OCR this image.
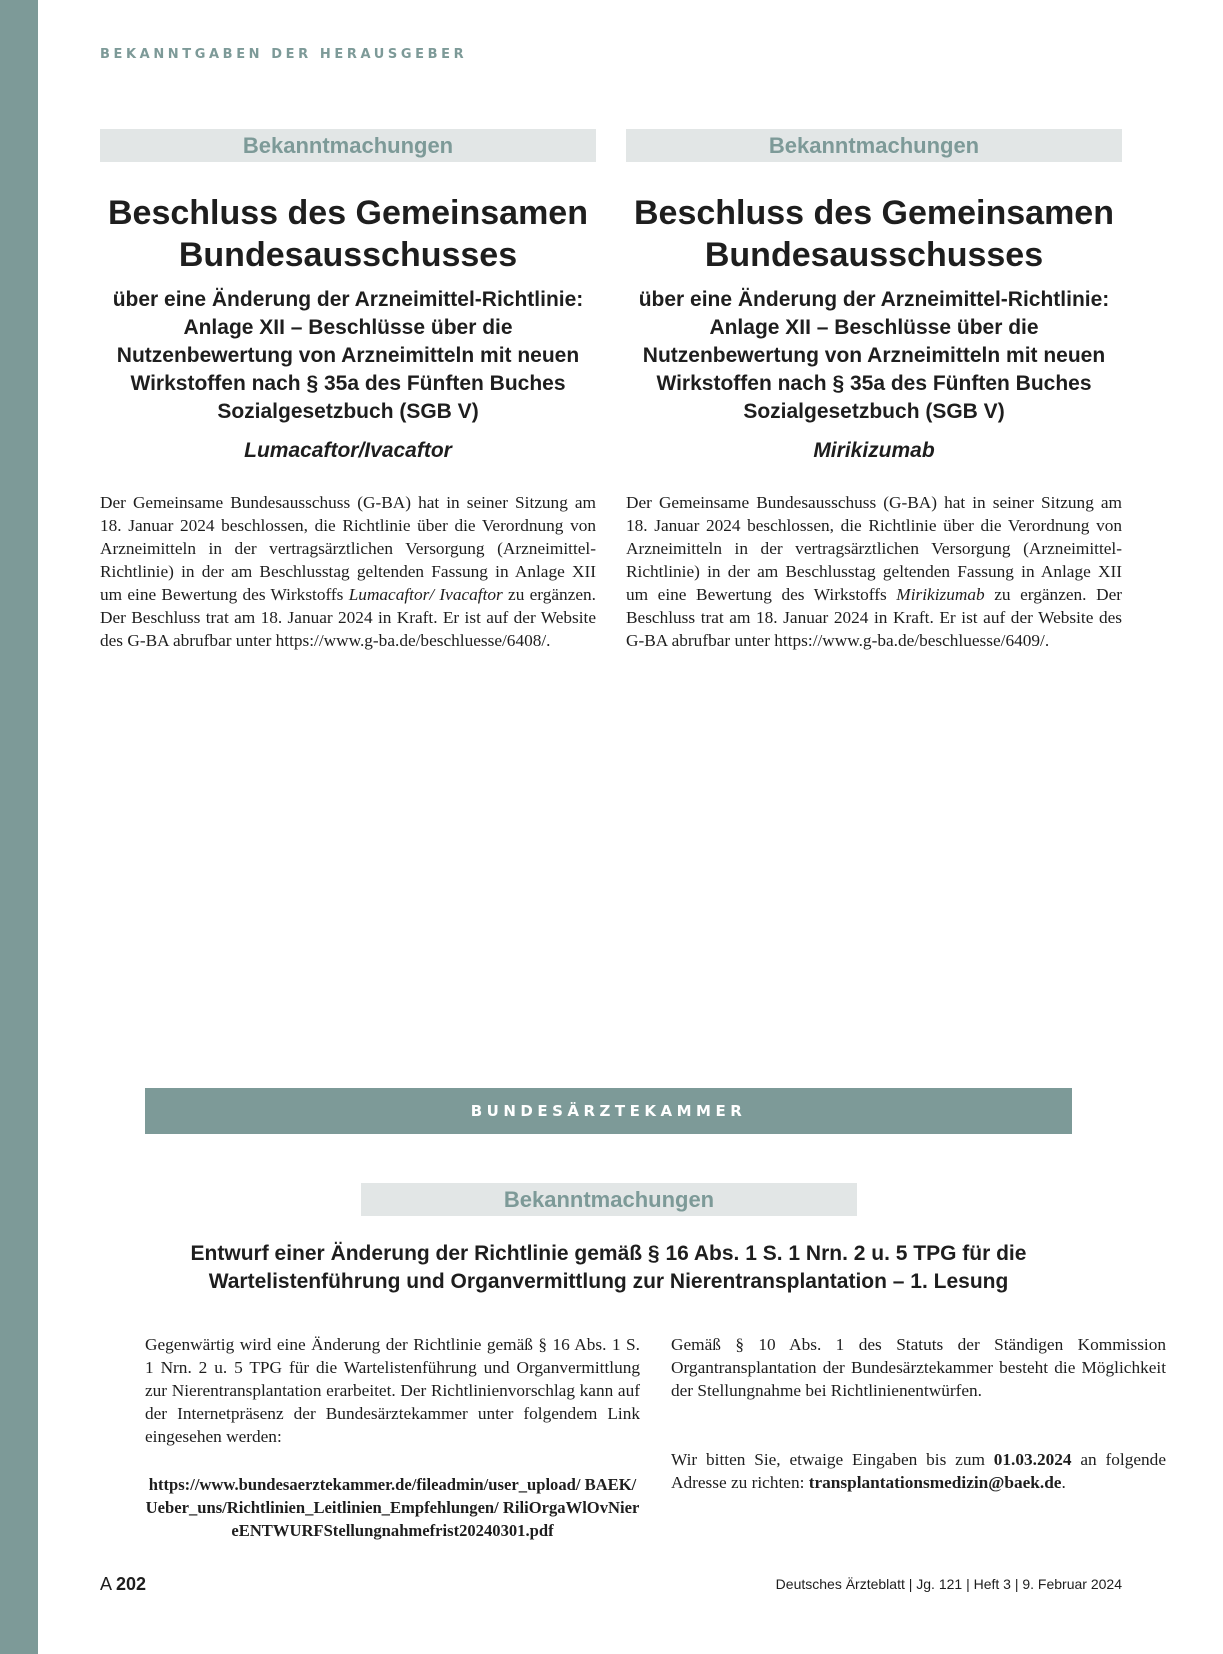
BEKANNTGABEN DER HERAUSGEBER
Bekanntmachungen
Beschluss des Gemeinsamen Bundesausschusses
über eine Änderung der Arzneimittel-Richtlinie: Anlage XII – Beschlüsse über die Nutzenbewertung von Arzneimitteln mit neuen Wirkstoffen nach § 35a des Fünften Buches Sozialgesetzbuch (SGB V)
Lumacaftor/Ivacaftor

Der Gemeinsame Bundesausschuss (G-BA) hat in seiner Sitzung am 18. Januar 2024 beschlossen, die Richtlinie über die Verordnung von Arzneimitteln in der vertragsärztlichen Versorgung (Arzneimittel-Richtlinie) in der am Beschlusstag geltenden Fassung in Anlage XII um eine Bewertung des Wirkstoffs Lumacaftor/ Ivacaftor zu ergänzen. Der Beschluss trat am 18. Januar 2024 in Kraft. Er ist auf der Website des G-BA abrufbar unter https://www.g-ba.de/beschluesse/6408/.

Bekanntmachungen
Beschluss des Gemeinsamen Bundesausschusses
über eine Änderung der Arzneimittel-Richtlinie: Anlage XII – Beschlüsse über die Nutzenbewertung von Arzneimitteln mit neuen Wirkstoffen nach § 35a des Fünften Buches Sozialgesetzbuch (SGB V)
Mirikizumab

Der Gemeinsame Bundesausschuss (G-BA) hat in seiner Sitzung am 18. Januar 2024 beschlossen, die Richtlinie über die Verordnung von Arzneimitteln in der vertragsärztlichen Versorgung (Arzneimittel-Richtlinie) in der am Beschlusstag geltenden Fassung in Anlage XII um eine Bewertung des Wirkstoffs Mirikizumab zu ergänzen. Der Beschluss trat am 18. Januar 2024 in Kraft. Er ist auf der Website des G-BA abrufbar unter https://www.g-ba.de/beschluesse/6409/.

BUNDESÄRZTEKAMMER
Bekanntmachungen
Entwurf einer Änderung der Richtlinie gemäß § 16 Abs. 1 S. 1 Nrn. 2 u. 5 TPG für die Wartelistenführung und Organvermittlung zur Nierentransplantation – 1. Lesung

Gegenwärtig wird eine Änderung der Richtlinie gemäß § 16 Abs. 1 S. 1 Nrn. 2 u. 5 TPG für die Wartelistenführung und Organvermittlung zur Nierentransplantation erarbeitet. Der Richtlinienvorschlag kann auf der Internetpräsenz der Bundesärztekammer unter folgendem Link eingesehen werden:

https://www.bundesaerztekammer.de/fileadmin/user_upload/ BAEK/Ueber_uns/Richtlinien_Leitlinien_Empfehlungen/ RiliOrgaWlOvNiereENTWURFStellungnahmefrist20240301.pdf

Gemäß § 10 Abs. 1 des Statuts der Ständigen Kommission Organtransplantation der Bundesärztekammer besteht die Möglichkeit der Stellungnahme bei Richtlinienentwürfen.

Wir bitten Sie, etwaige Eingaben bis zum 01.03.2024 an folgende Adresse zu richten: transplantationsmedizin@baek.de.

A 202	Deutsches Ärzteblatt | Jg. 121 | Heft 3 | 9. Februar 2024
